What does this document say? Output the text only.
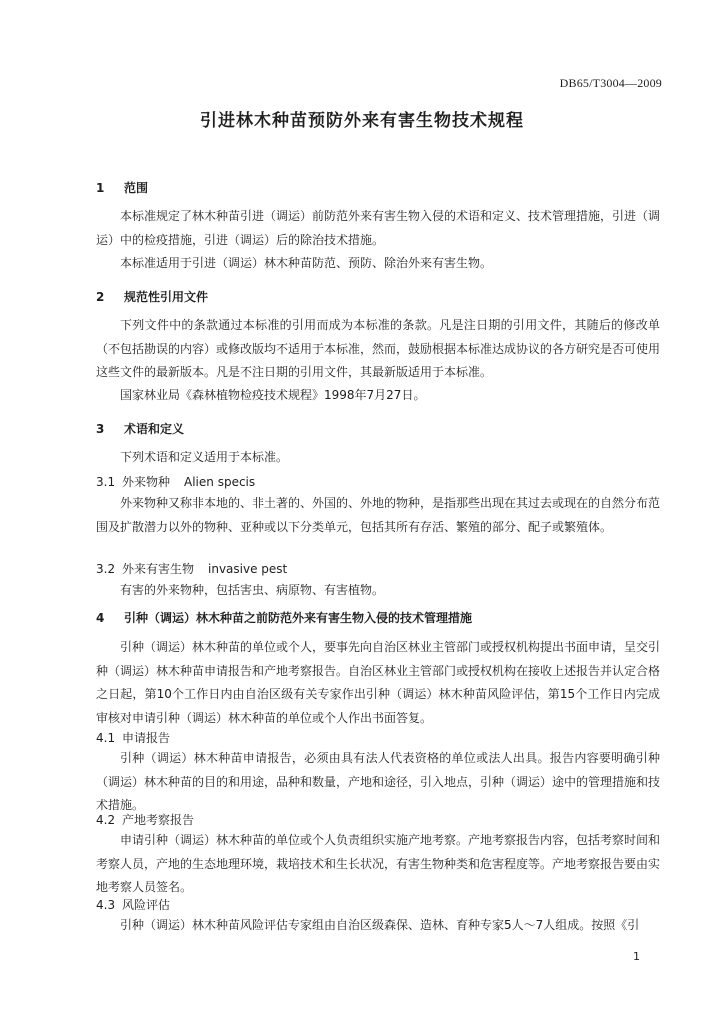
DB65/T3004—2009
引进林木种苗预防外来有害生物技术规程
1 范围

本标准规定了林木种苗引进（调运）前防范外来有害生物入侵的术语和定义、技术管理措施，引进（调运）中的检疫措施，引进（调运）后的除治技术措施。

本标准适用于引进（调运）林木种苗防范、预防、除治外来有害生物。

2 规范性引用文件

下列文件中的条款通过本标准的引用而成为本标准的条款。凡是注日期的引用文件，其随后的修改单（不包括勘误的内容）或修改版均不适用于本标准，然而，鼓励根据本标准达成协议的各方研究是否可使用这些文件的最新版本。凡是不注日期的引用文件，其最新版适用于本标准。

国家林业局《森林植物检疫技术规程》1998年7月27日。

3 术语和定义

下列术语和定义适用于本标准。

3.1 外来物种 Alien specis

外来物种又称非本地的、非土著的、外国的、外地的物种，是指那些出现在其过去或现在的自然分布范围及扩散潜力以外的物种、亚种或以下分类单元，包括其所有存活、繁殖的部分、配子或繁殖体。

3.2 外来有害生物 invasive pest

有害的外来物种，包括害虫、病原物、有害植物。

4 引种（调运）林木种苗之前防范外来有害生物入侵的技术管理措施

引种（调运）林木种苗的单位或个人，要事先向自治区林业主管部门或授权机构提出书面申请，呈交引种（调运）林木种苗申请报告和产地考察报告。自治区林业主管部门或授权机构在接收上述报告并认定合格之日起，第10个工作日内由自治区级有关专家作出引种（调运）林木种苗风险评估，第15个工作日内完成审核对申请引种（调运）林木种苗的单位或个人作出书面答复。

4.1 申请报告

引种（调运）林木种苗申请报告，必须由具有法人代表资格的单位或法人出具。报告内容要明确引种（调运）林木种苗的目的和用途，品种和数量，产地和途径，引入地点，引种（调运）途中的管理措施和技术措施。

4.2 产地考察报告

申请引种（调运）林木种苗的单位或个人负责组织实施产地考察。产地考察报告内容，包括考察时间和考察人员，产地的生态地理环境，栽培技术和生长状况，有害生物种类和危害程度等。产地考察报告要由实地考察人员签名。

4.3 风险评估

引种（调运）林木种苗风险评估专家组由自治区级森保、造林、育种专家5人～7人组成。按照《引

1
